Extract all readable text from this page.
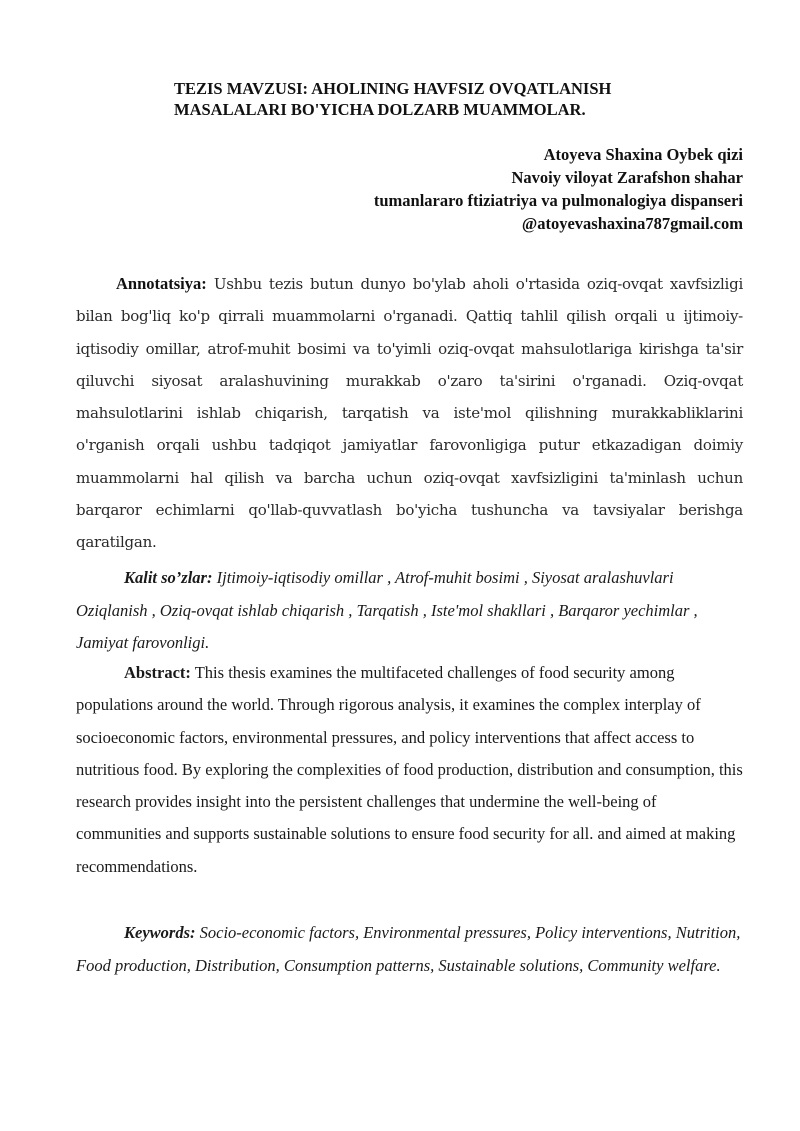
TEZIS MAVZUSI: AHOLINING HAVFSIZ OVQATLANISH
MASALALARI BO'YICHA DOLZARB MUAMMOLAR.
Atoyeva Shaxina Oybek qizi
Navoiy viloyat Zarafshon shahar
tumanlararo ftiziatriya va pulmonalogiya dispanseri
@atoyevashaxina787gmail.com
Annotatsiya: Ushbu tezis butun dunyo bo'ylab aholi o'rtasida oziq-ovqat xavfsizligi bilan bog'liq ko'p qirrali muammolarni o'rganadi. Qattiq tahlil qilish orqali u ijtimoiy-iqtisodiy omillar, atrof-muhit bosimi va to'yimli oziq-ovqat mahsulotlariga kirishga ta'sir qiluvchi siyosat aralashuvining murakkab o'zaro ta'sirini o'rganadi. Oziq-ovqat mahsulotlarini ishlab chiqarish, tarqatish va iste'mol qilishning murakkabliklarini o'rganish orqali ushbu tadqiqot jamiyatlar farovonligiga putur etkazadigan doimiy muammolarni hal qilish va barcha uchun oziq-ovqat xavfsizligini ta'minlash uchun barqaror echimlarni qo'llab-quvvatlash bo'yicha tushuncha va tavsiyalar berishga qaratilgan.
Kalit so’zlar: Ijtimoiy-iqtisodiy omillar , Atrof-muhit bosimi , Siyosat aralashuvlari Oziqlanish , Oziq-ovqat ishlab chiqarish , Tarqatish , Iste'mol shakllari , Barqaror yechimlar , Jamiyat farovonligi.
Abstract: This thesis examines the multifaceted challenges of food security among populations around the world. Through rigorous analysis, it examines the complex interplay of socioeconomic factors, environmental pressures, and policy interventions that affect access to nutritious food. By exploring the complexities of food production, distribution and consumption, this research provides insight into the persistent challenges that undermine the well-being of communities and supports sustainable solutions to ensure food security for all. and aimed at making recommendations.
Keywords: Socio-economic factors, Environmental pressures, Policy interventions, Nutrition, Food production, Distribution, Consumption patterns, Sustainable solutions, Community welfare.
